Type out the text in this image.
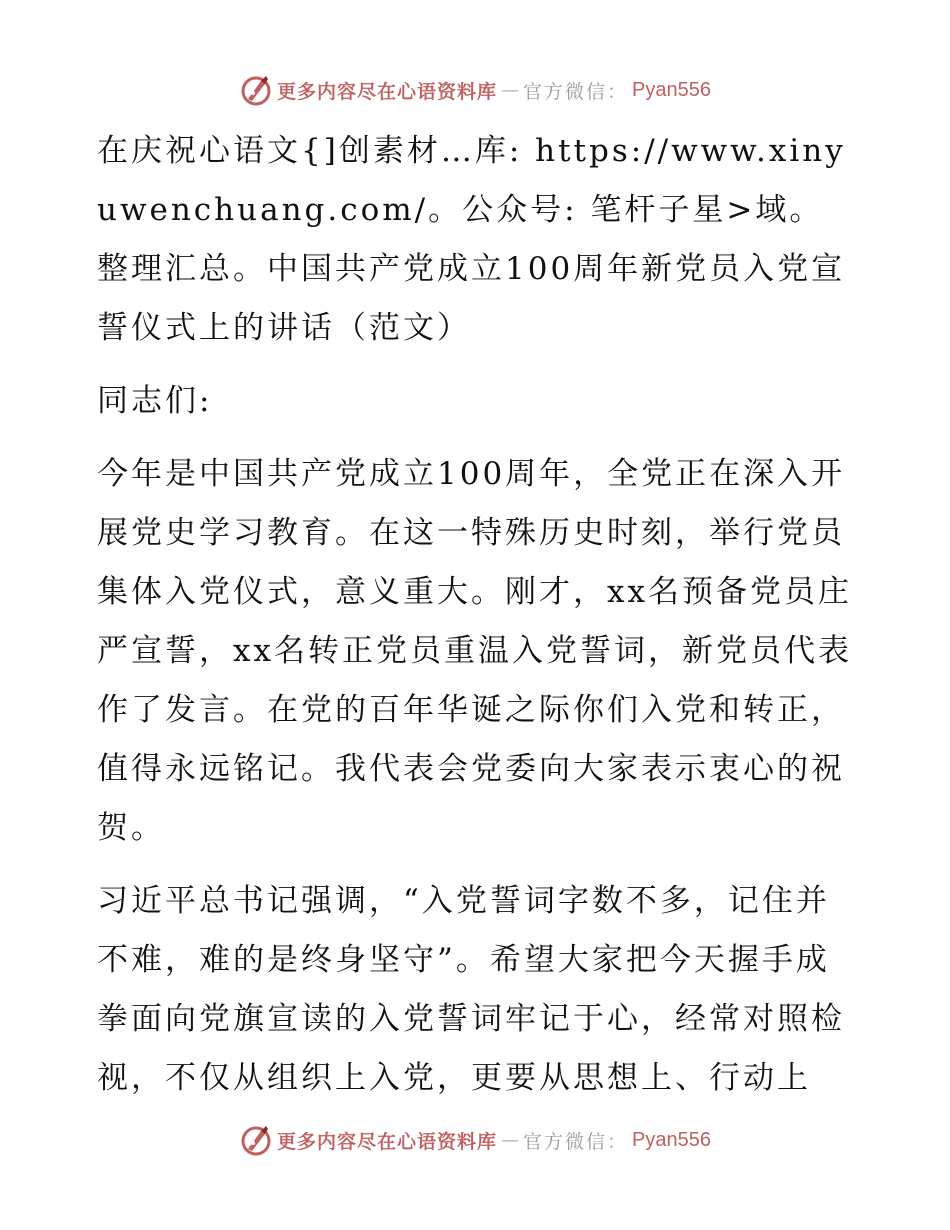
更多内容尽在心语资料库 — 官方微信： Pyan556

在庆祝心语文{]创素材…库: https://www.xinyuwenchuang.com/。公众号: 笔杆子星>域。整理汇总。中国共产党成立100周年新党员入党宣誓仪式上的讲话（范文）

同志们:

今年是中国共产党成立100周年，全党正在深入开展党史学习教育。在这一特殊历史时刻，举行党员集体入党仪式，意义重大。刚才，xx名预备党员庄严宣誓，xx名转正党员重温入党誓词，新党员代表作了发言。在党的百年华诞之际你们入党和转正，值得永远铭记。我代表会党委向大家表示衷心的祝贺。

习近平总书记强调，“入党誓词字数不多，记住并不难，难的是终身坚守”。希望大家把今天握手成拳面向党旗宣读的入党誓词牢记于心，经常对照检视，不仅从组织上入党，更要从思想上、行动上

更多内容尽在心语资料库 — 官方微信： Pyan556
